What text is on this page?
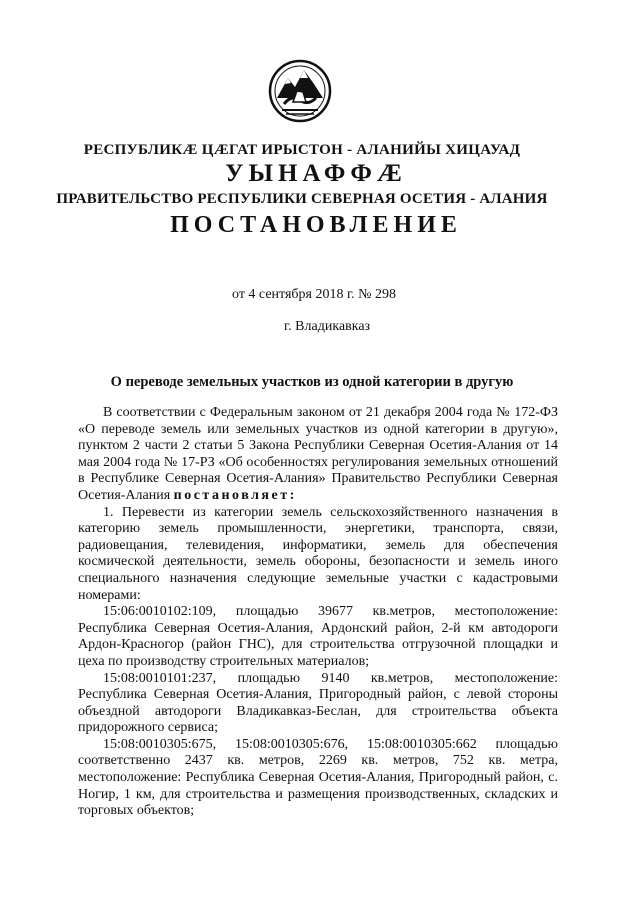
РЕСПУБЛИКӔ ЦӔГАТ ИРЫСТОН - АЛАНИЙЫ ХИЦАУАД
УЫНАФФӔ
ПРАВИТЕЛЬСТВО РЕСПУБЛИКИ СЕВЕРНАЯ ОСЕТИЯ - АЛАНИЯ
ПОСТАНОВЛЕНИЕ
от 4 сентября 2018 г. № 298
г. Владикавказ
О переводе земельных участков из одной категории в другую

В соответствии с Федеральным законом от 21 декабря 2004 года № 172-ФЗ «О переводе земель или земельных участков из одной категории в другую», пунктом 2 части 2 статьи 5 Закона Республики Северная Осетия-Алания от 14 мая 2004 года № 17-РЗ «Об особенностях регулирования земельных отношений в Республике Северная Осетия-Алания» Правительство Республики Северная Осетия-Алания постановляет:

1. Перевести из категории земель сельскохозяйственного назначения в категорию земель промышленности, энергетики, транспорта, связи, радиовещания, телевидения, информатики, земель для обеспечения космической деятельности, земель обороны, безопасности и земель иного специального назначения следующие земельные участки с кадастровыми номерами:

15:06:0010102:109, площадью 39677 кв.метров, местоположение: Республика Северная Осетия-Алания, Ардонский район, 2-й км автодороги Ардон-Красногор (район ГНС), для строительства отгрузочной площадки и цеха по производству строительных материалов;

15:08:0010101:237, площадью 9140 кв.метров, местоположение: Республика Северная Осетия-Алания, Пригородный район, с левой стороны объездной автодороги Владикавказ-Беслан, для строительства объекта придорожного сервиса;

15:08:0010305:675, 15:08:0010305:676, 15:08:0010305:662 площадью соответственно 2437 кв. метров, 2269 кв. метров, 752 кв. метра, местоположение: Республика Северная Осетия-Алания, Пригородный район, с. Ногир, 1 км, для строительства и размещения производственных, складских и торговых объектов;
